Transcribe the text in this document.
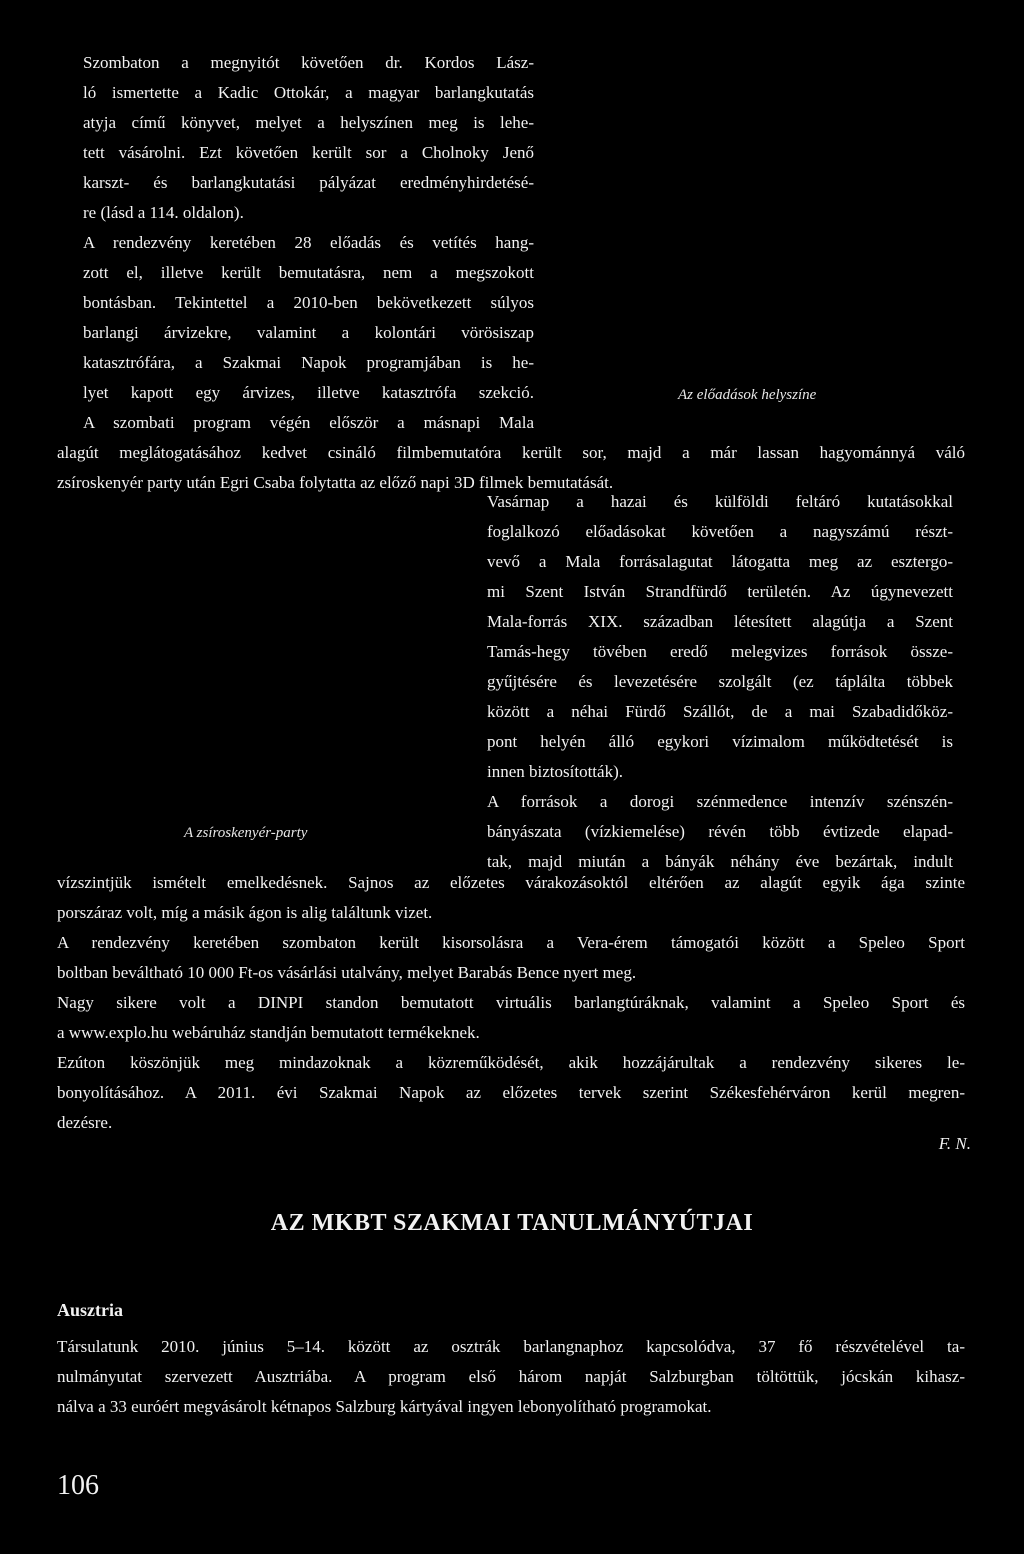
Szombaton a megnyitót követően dr. Kordos Lász-
ló ismertette a Kadic Ottokár, a magyar barlangkutatás
atyja című könyvet, melyet a helyszínen meg is lehe-
tett vásárolni. Ezt követően került sor a Cholnoky Jenő
karszt- és barlangkutatási pályázat eredményhirdetésé-
re (lásd a 114. oldalon).
A rendezvény keretében 28 előadás és vetítés hang-
zott el, illetve került bemutatásra, nem a megszokott
bontásban. Tekintettel a 2010-ben bekövetkezett súlyos
barlangi árvizekre, valamint a kolontári vörösiszap
katasztrófára, a Szakmai Napok programjában is he-
lyet kapott egy árvizes, illetve katasztrófa szekció.
A szombati program végén először a másnapi Mala
Az előadások helyszíne
alagút meglátogatásához kedvet csináló filmbemutatóra került sor, majd a már lassan hagyománnyá váló
zsíroskenyér party után Egri Csaba folytatta az előző napi 3D filmek bemutatását.
Vasárnap a hazai és külföldi feltáró kutatásokkal
foglalkozó előadásokat követően a nagyszámú részt-
vevő a Mala forrásalagutat látogatta meg az esztergo-
mi Szent István Strandfürdő területén. Az úgynevezett
Mala-forrás XIX. században létesített alagútja a Szent
Tamás-hegy tövében eredő melegvizes források össze-
gyűjtésére és levezetésére szolgált (ez táplálta többek
között a néhai Fürdő Szállót, de a mai Szabadidőköz-
pont helyén álló egykori vízimalom működtetését is
innen biztosították).
A források a dorogi szénmedence intenzív szénszén-
bányászata (vízkiemelése) révén több évtizede elapad-
tak, majd miután a bányák néhány éve bezártak, indult
A zsíroskenyér-party
vízszintjük ismételt emelkedésnek. Sajnos az előzetes várakozásoktól eltérően az alagút egyik ága szinte
porszáraz volt, míg a másik ágon is alig találtunk vizet.
A rendezvény keretében szombaton került kisorsolásra a Vera-érem támogatói között a Speleo Sport
boltban beváltható 10 000 Ft-os vásárlási utalvány, melyet Barabás Bence nyert meg.
Nagy sikere volt a DINPI standon bemutatott virtuális barlangtúráknak, valamint a Speleo Sport és
a www.explo.hu webáruház standján bemutatott termékeknek.
Ezúton köszönjük meg mindazoknak a közreműködését, akik hozzájárultak a rendezvény sikeres le-
bonyolításához. A 2011. évi Szakmai Napok az előzetes tervek szerint Székesfehérváron kerül megren-
dezésre.
F. N.
AZ MKBT SZAKMAI TANULMÁNYÚTJAI
Ausztria
Társulatunk 2010. június 5–14. között az osztrák barlangnaphoz kapcsolódva, 37 fő részvételével ta-
nulmányutat szervezett Ausztriába. A program első három napját Salzburgban töltöttük, jócskán kihasz-
nálva a 33 euróért megvásárolt kétnapos Salzburg kártyával ingyen lebonyolítható programokat.
106
